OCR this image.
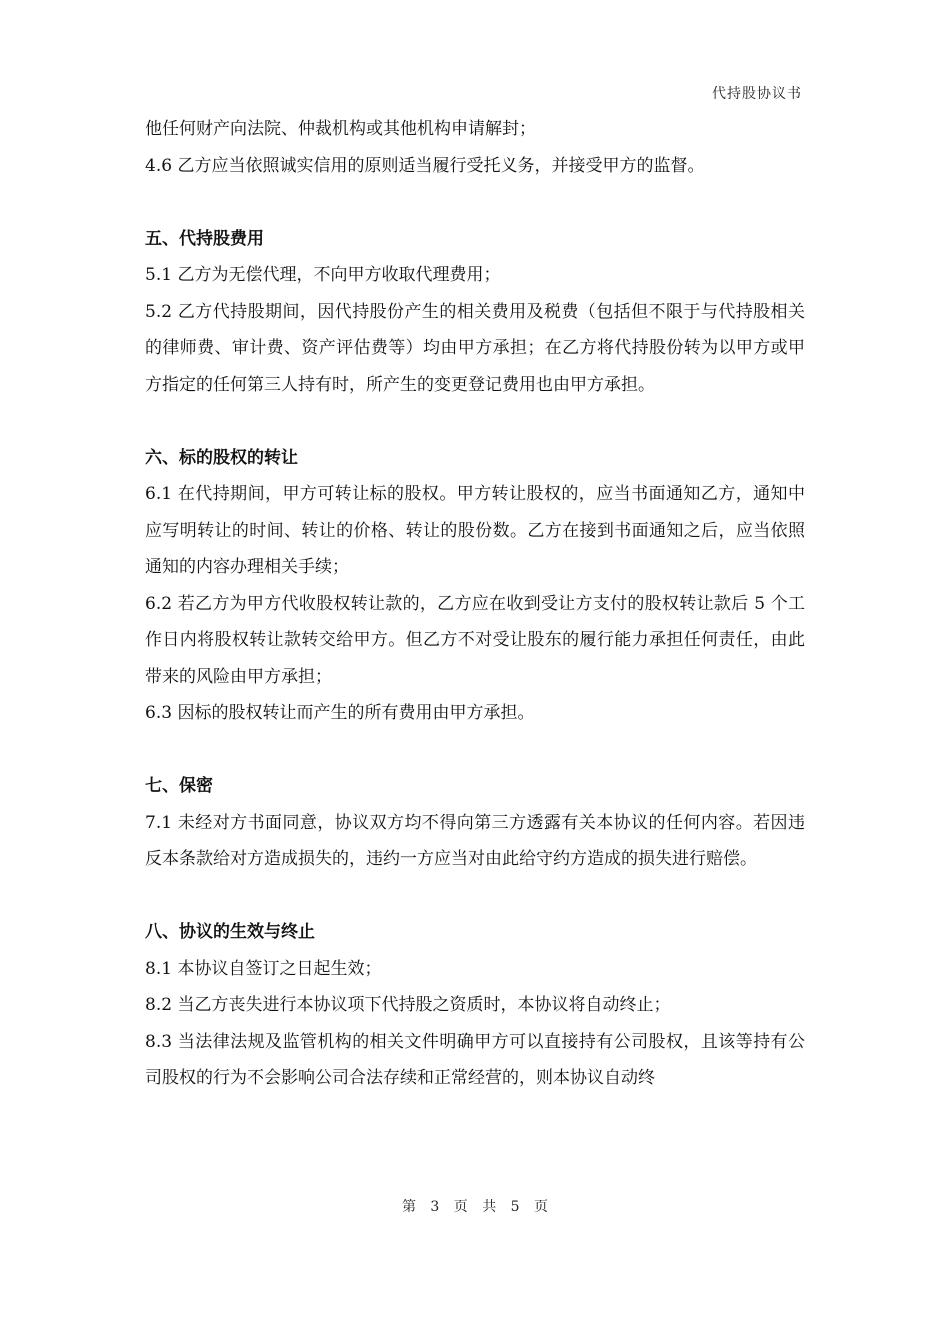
代持股协议书

他任何财产向法院、仲裁机构或其他机构申请解封；

4.6 乙方应当依照诚实信用的原则适当履行受托义务，并接受甲方的监督。

五、代持股费用

5.1 乙方为无偿代理，不向甲方收取代理费用；

5.2 乙方代持股期间，因代持股份产生的相关费用及税费（包括但不限于与代持股相关的律师费、审计费、资产评估费等）均由甲方承担；在乙方将代持股份转为以甲方或甲方指定的任何第三人持有时，所产生的变更登记费用也由甲方承担。

六、标的股权的转让

6.1 在代持期间，甲方可转让标的股权。甲方转让股权的，应当书面通知乙方，通知中应写明转让的时间、转让的价格、转让的股份数。乙方在接到书面通知之后，应当依照通知的内容办理相关手续；

6.2 若乙方为甲方代收股权转让款的，乙方应在收到受让方支付的股权转让款后 5 个工作日内将股权转让款转交给甲方。但乙方不对受让股东的履行能力承担任何责任，由此带来的风险由甲方承担；

6.3 因标的股权转让而产生的所有费用由甲方承担。

七、保密

7.1 未经对方书面同意，协议双方均不得向第三方透露有关本协议的任何内容。若因违反本条款给对方造成损失的，违约一方应当对由此给守约方造成的损失进行赔偿。

八、协议的生效与终止

8.1 本协议自签订之日起生效；

8.2 当乙方丧失进行本协议项下代持股之资质时，本协议将自动终止；

8.3 当法律法规及监管机构的相关文件明确甲方可以直接持有公司股权，且该等持有公司股权的行为不会影响公司合法存续和正常经营的，则本协议自动终

第 3 页 共 5 页
